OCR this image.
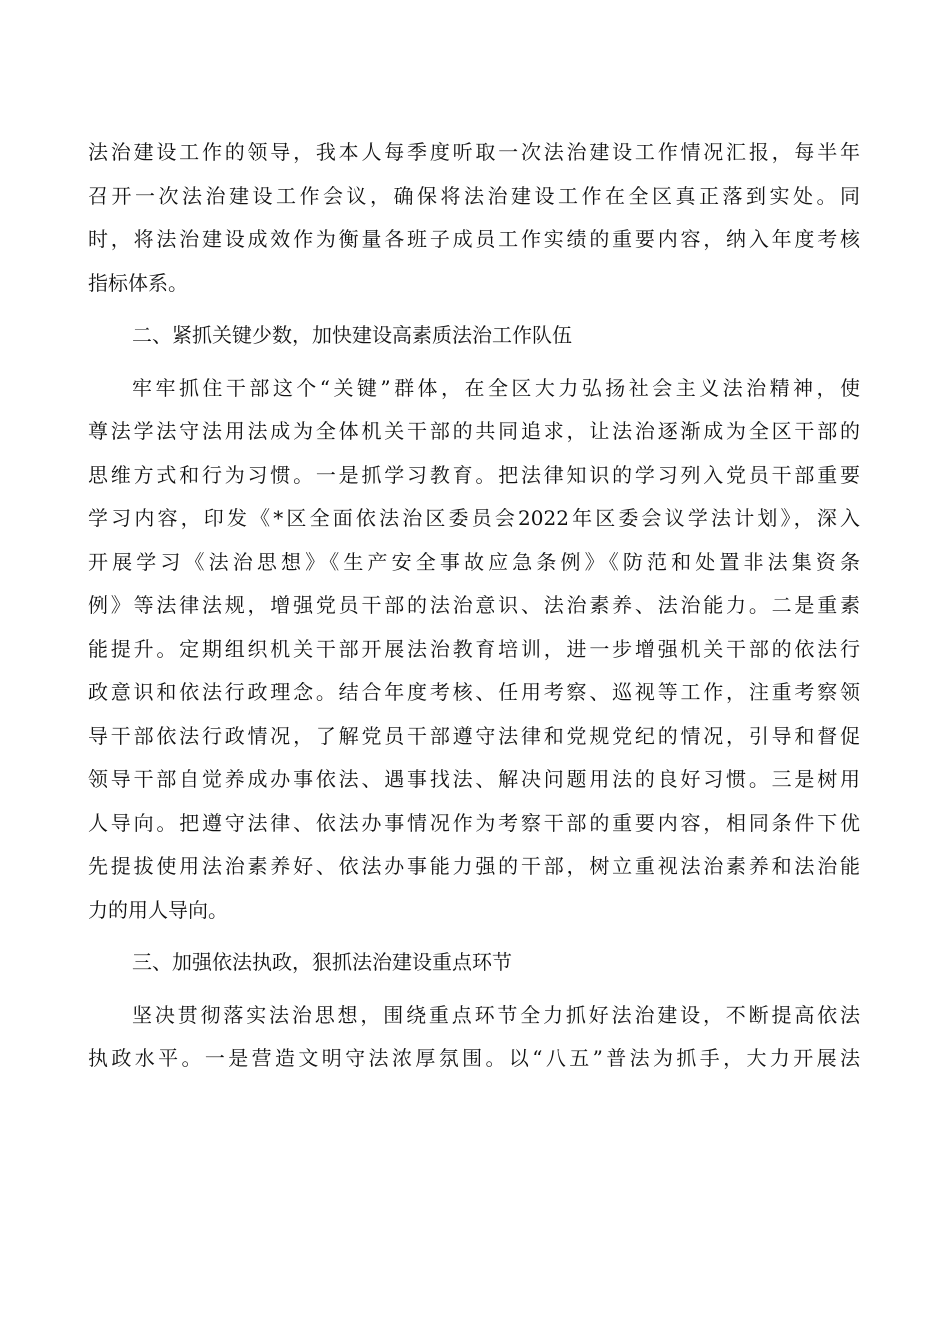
法治建设工作的领导，我本人每季度听取一次法治建设工作情况汇报，每半年
召开一次法治建设工作会议，确保将法治建设工作在全区真正落到实处。同
时，将法治建设成效作为衡量各班子成员工作实绩的重要内容，纳入年度考核
指标体系。
二、紧抓关键少数，加快建设高素质法治工作队伍
牢牢抓住干部这个“关键”群体，在全区大力弘扬社会主义法治精神，使
尊法学法守法用法成为全体机关干部的共同追求，让法治逐渐成为全区干部的
思维方式和行为习惯。一是抓学习教育。把法律知识的学习列入党员干部重要
学习内容，印发《*区全面依法治区委员会2022年区委会议学法计划》，深入
开展学习《法治思想》《生产安全事故应急条例》《防范和处置非法集资条
例》等法律法规，增强党员干部的法治意识、法治素养、法治能力。二是重素
能提升。定期组织机关干部开展法治教育培训，进一步增强机关干部的依法行
政意识和依法行政理念。结合年度考核、任用考察、巡视等工作，注重考察领
导干部依法行政情况，了解党员干部遵守法律和党规党纪的情况，引导和督促
领导干部自觉养成办事依法、遇事找法、解决问题用法的良好习惯。三是树用
人导向。把遵守法律、依法办事情况作为考察干部的重要内容，相同条件下优
先提拔使用法治素养好、依法办事能力强的干部，树立重视法治素养和法治能
力的用人导向。
三、加强依法执政，狠抓法治建设重点环节
坚决贯彻落实法治思想，围绕重点环节全力抓好法治建设，不断提高依法
执政水平。一是营造文明守法浓厚氛围。以“八五”普法为抓手，大力开展法
